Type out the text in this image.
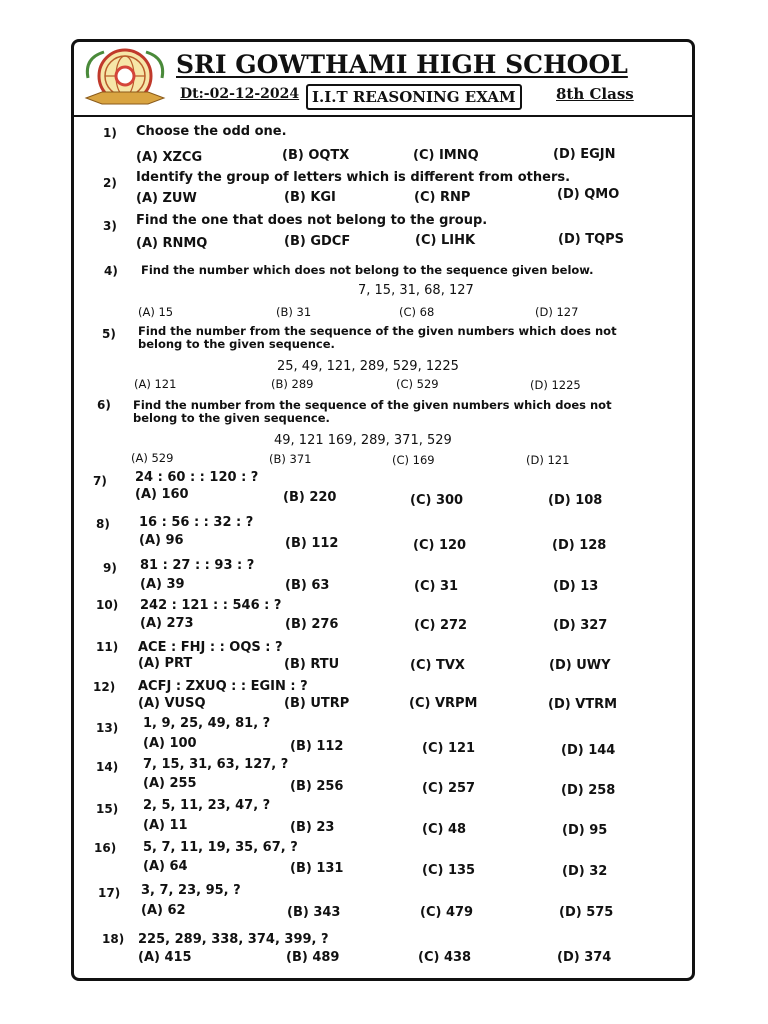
SRI GOWTHAMI HIGH SCHOOL
Dt:-02-12-2024 I.I.T REASONING EXAM	8th Class
1) Choose the odd one.
(A) XZCG	(B) OQTX	(C) IMNQ	(D) EGJN
2) Identify the group of letters which is different from others.
(A) ZUW	(B) KGI	(C) RNP	(D) QMO
3) Find the one that does not belong to the group.
(A) RNMQ	(B) GDCF	(C) LIHK	(D) TQPS
4) Find the number which does not belong to the sequence given below.
7, 15, 31, 68, 127
(A) 15	(B) 31	(C) 68	(D) 127
5) Find the number from the sequence of the given numbers which does not
belong to the given sequence.
25, 49, 121, 289, 529, 1225
(A) 121	(B) 289	(C) 529	(D) 1225
6) Find the number from the sequence of the given numbers which does not
belong to the given sequence.
49, 121 169, 289, 371, 529
(A) 529	(B) 371	(C) 169	(D) 121
7) 24 : 60 : : 120 : ?
(A) 160	(B) 220	(C) 300	(D) 108
8) 16 : 56 : : 32 : ?
(A) 96	(B) 112	(C) 120	(D) 128
9) 81 : 27 : : 93 : ?
(A) 39	(B) 63	(C) 31	(D) 13
10) 242 : 121 : : 546 : ?
(A) 273	(B) 276	(C) 272	(D) 327
11) ACE : FHJ : : OQS : ?
(A) PRT	(B) RTU	(C) TVX	(D) UWY
12) ACFJ : ZXUQ : : EGIN : ?
(A) VUSQ	(B) UTRP	(C) VRPM	(D) VTRM
13) 1, 9, 25, 49, 81, ?
(A) 100	(B) 112	(C) 121	(D) 144
14) 7, 15, 31, 63, 127, ?
(A) 255	(B) 256	(C) 257	(D) 258
15) 2, 5, 11, 23, 47, ?
(A) 11	(B) 23	(C) 48	(D) 95
16) 5, 7, 11, 19, 35, 67, ?
(A) 64	(B) 131	(C) 135	(D) 32
17) 3, 7, 23, 95, ?
(A) 62	(B) 343	(C) 479	(D) 575
18) 225, 289, 338, 374, 399, ?
(A) 415	(B) 489	(C) 438	(D) 374
